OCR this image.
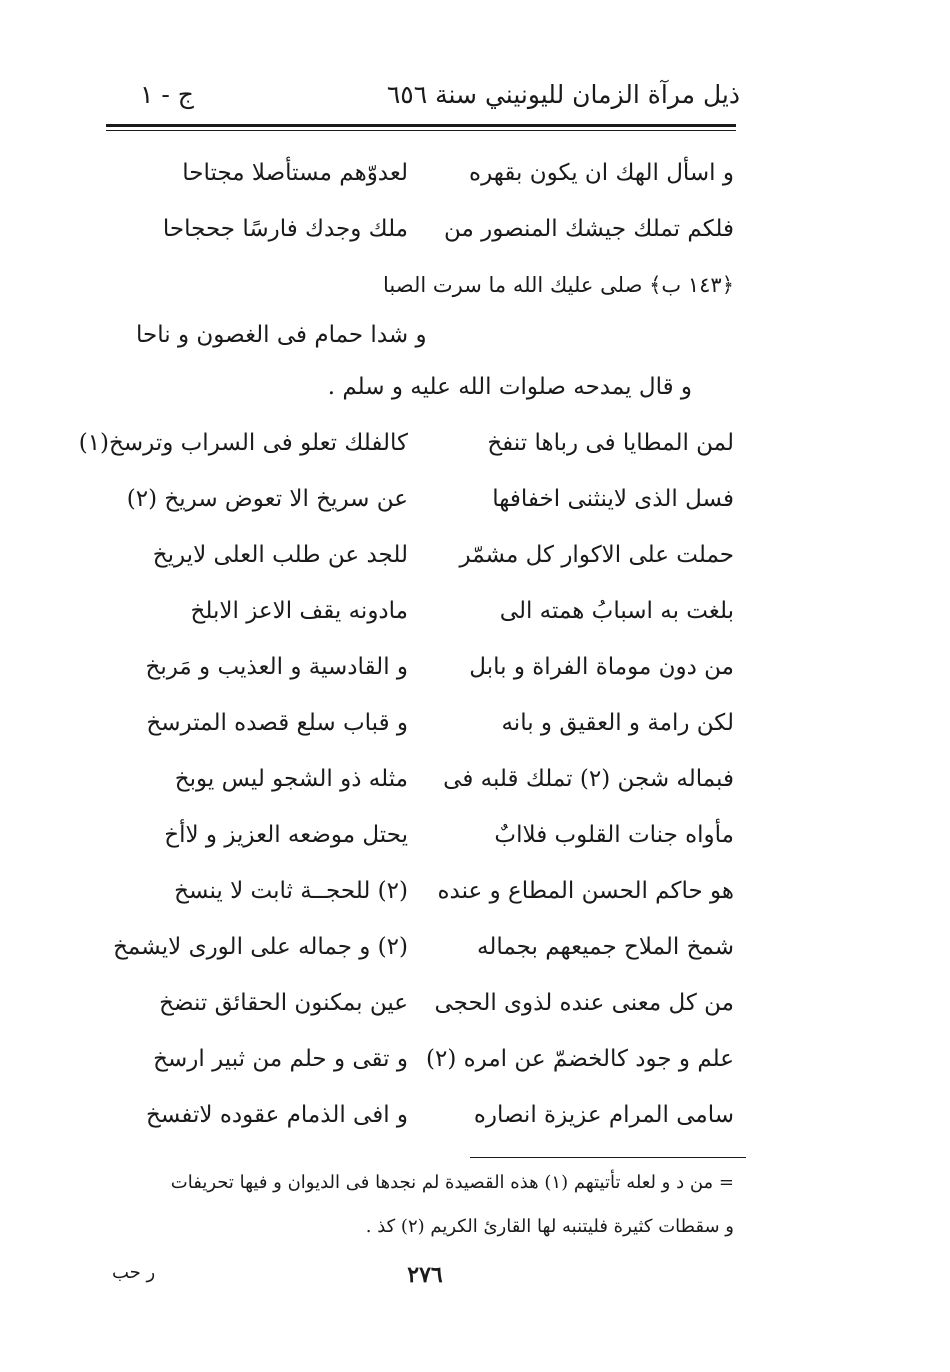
ذيل مرآة الزمان لليونيني سنة ٦٥٦
ج - ١
و اسأل الهك ان يكون بقهره
لعدوّهم مستأصلا مجتاحا
فلكم تملك جيشك المنصور من
ملك وجدك فارسًا جحجاحا
﴿١٤٣ ب﴾ صلى عليك الله ما سرت الصبا
و شدا حمام فى الغصون و ناحا
و قال يمدحه صلوات الله عليه و سلم .
لمن المطايا فى رباها تنفخ
كالفلك تعلو فى السراب وترسخ(١)
فسل الذى لاينثنى اخفافها
عن سريخ الا تعوض سريخ (٢)
حملت على الاكوار كل مشمّر
للجد عن طلب العلى لايريخ
بلغت به اسبابُ همته الى
مادونه يقف الاعز الابلخ
من دون موماة الفراة و بابل
و القادسية و العذيب و مَربخ
لكن رامة و العقيق و بانه
و قباب سلع قصده المترسخ
فبماله شجن (٢) تملك قلبه فى
مثله ذو الشجو ليس يوبخ
مأواه جنات القلوب فلاابٌ
يحتل موضعه العزيز و لاأخ
هو حاكم الحسن المطاع و عنده
(٢) للحجــة ثابت لا ينسخ
شمخ الملاح جميعهم بجماله
(٢) و جماله على الورى لايشمخ
من كل معنى عنده لذوى الحجى
عين بمكنون الحقائق تنضخ
علم و جود كالخضمّ عن امره (٢)
و تقى و حلم من ثبير ارسخ
سامى المرام عزيزة انصاره
و افى الذمام عقوده لاتفسخ
= من د و لعله تأتيتهم (١) هذه القصيدة لم نجدها فى الديوان و فيها تحريفات
و سقطات كثيرة فليتنبه لها القارئ الكريم (٢) كذ .
٢٧٦
ر حب
